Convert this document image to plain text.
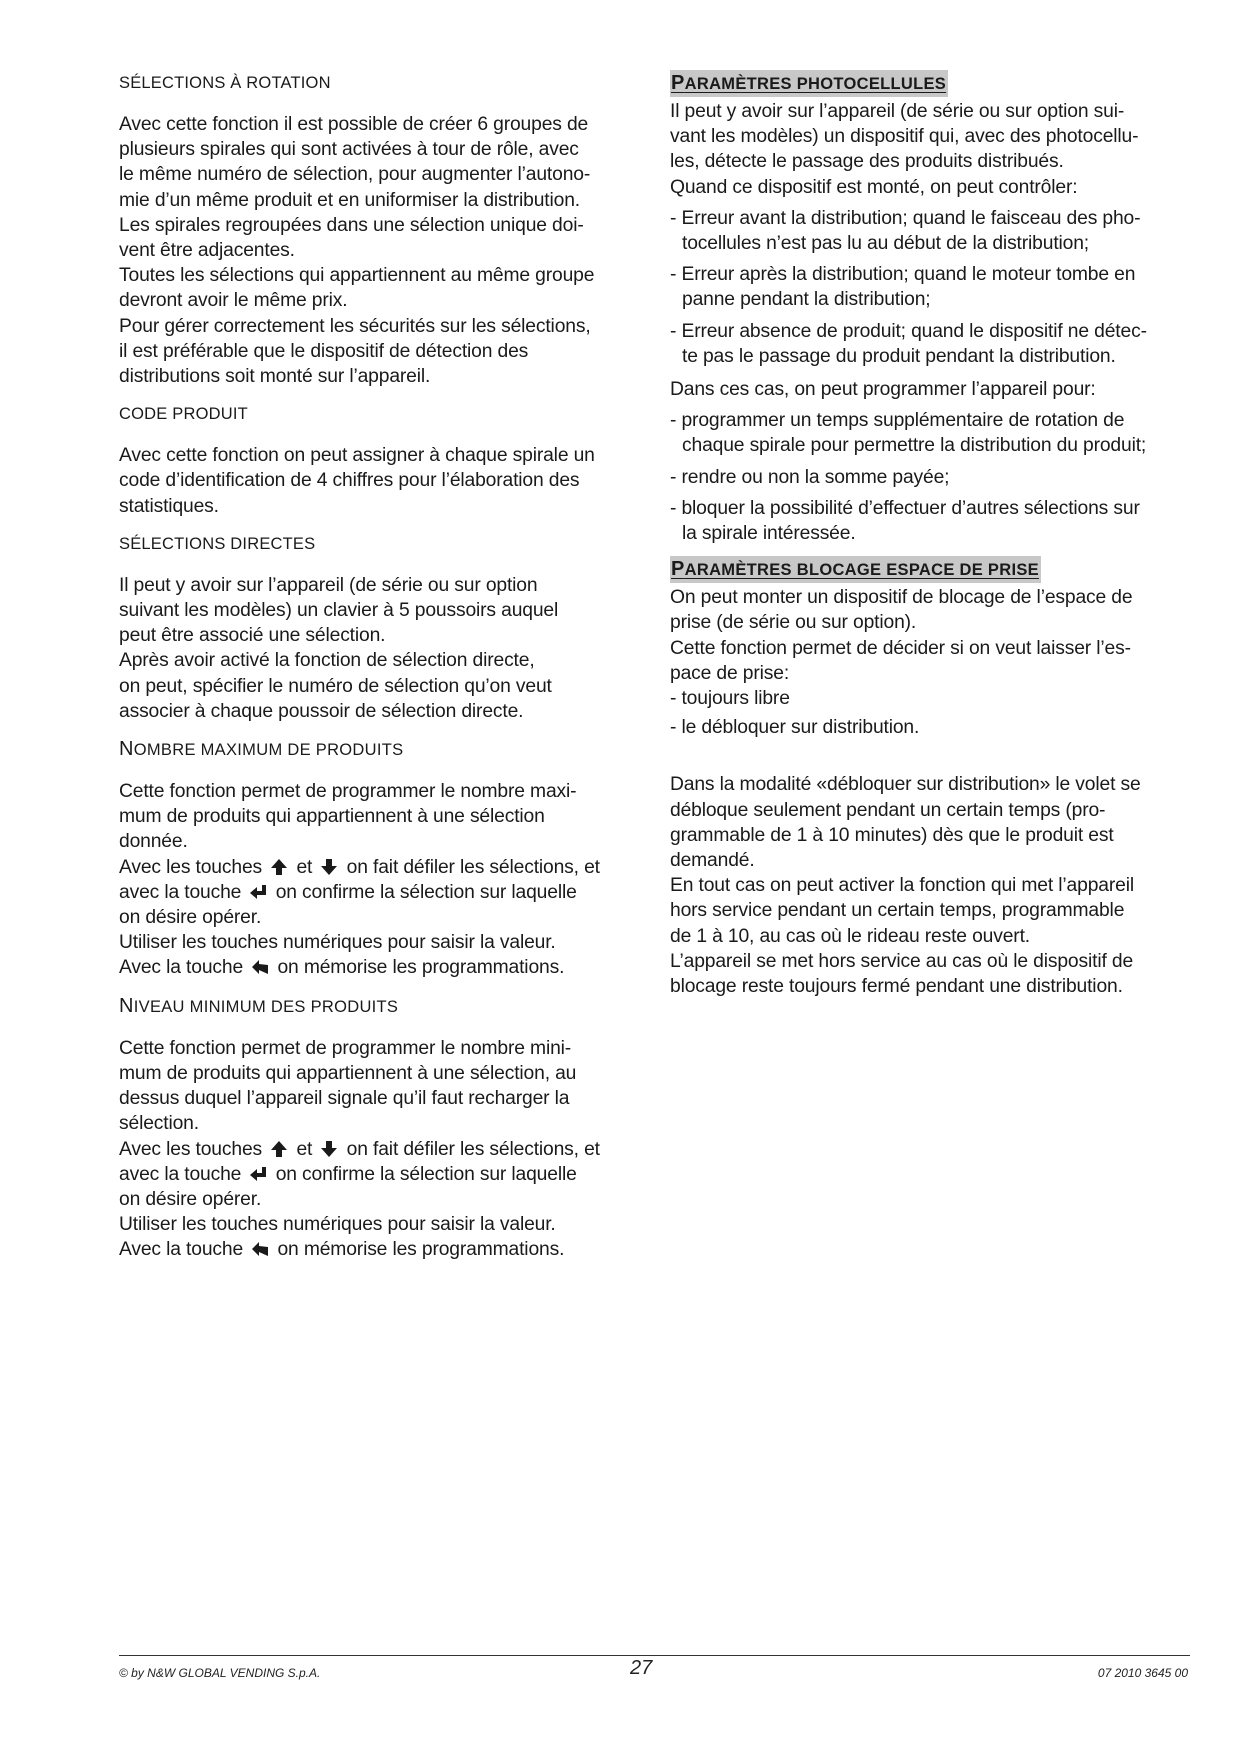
SÉLECTIONS À ROTATION

Avec cette fonction il est possible de créer 6 groupes de
plusieurs spirales qui sont activées à tour de rôle, avec
le même numéro de sélection, pour augmenter l’autono-
mie d’un même produit et en uniformiser la distribution.
Les spirales regroupées dans une sélection unique doi-
vent être adjacentes.
Toutes les sélections qui appartiennent au même groupe
devront avoir le même prix.
Pour gérer correctement les sécurités sur les sélections,
il est préférable que le dispositif de détection des
distributions soit monté sur l’appareil.

CODE PRODUIT

Avec cette fonction on peut assigner à chaque spirale un
code d’identification de 4 chiffres pour l’élaboration des
statistiques.

SÉLECTIONS DIRECTES

Il peut y avoir sur l’appareil (de série ou sur option
suivant les modèles) un clavier à 5 poussoirs auquel
peut être associé une sélection.
Après avoir activé la fonction de sélection directe,
on peut, spécifier le numéro de sélection qu’on veut
associer à chaque poussoir de sélection directe.

NOMBRE MAXIMUM DE PRODUITS

Cette fonction permet de programmer le nombre maxi-
mum de produits qui appartiennent à une sélection
donnée.
Avec les touches et on fait défiler les sélections, et
avec la touche on confirme la sélection sur laquelle
on désire opérer.
Utiliser les touches numériques pour saisir la valeur.
Avec la touche on mémorise les programmations.

NIVEAU MINIMUM DES PRODUITS

Cette fonction permet de programmer le nombre mini-
mum de produits qui appartiennent à une sélection, au
dessus duquel l’appareil signale qu’il faut recharger la
sélection.
Avec les touches et on fait défiler les sélections, et
avec la touche on confirme la sélection sur laquelle
on désire opérer.
Utiliser les touches numériques pour saisir la valeur.
Avec la touche on mémorise les programmations.

PARAMÈTRES PHOTOCELLULES

Il peut y avoir sur l’appareil (de série ou sur option sui-
vant les modèles) un dispositif qui, avec des photocellu-
les, détecte le passage des produits distribués.
Quand ce dispositif est monté, on peut contrôler:

- Erreur avant la distribution; quand le faisceau des pho-
tocellules n’est pas lu au début de la distribution;
- Erreur après la distribution; quand le moteur tombe en
panne pendant la distribution;
- Erreur absence de produit; quand le dispositif ne détec-
te pas le passage du produit pendant la distribution.

Dans ces cas, on peut programmer l’appareil pour:

- programmer un temps supplémentaire de rotation de
chaque spirale pour permettre la distribution du produit;
- rendre ou non la somme payée;
- bloquer la possibilité d’effectuer d’autres sélections sur
la spirale intéressée.
PARAMÈTRES BLOCAGE ESPACE DE PRISE

On peut monter un dispositif de blocage de l’espace de
prise (de série ou sur option).
Cette fonction permet de décider si on veut laisser l’es-
pace de prise:

- toujours libre
- le débloquer sur distribution.

Dans la modalité «débloquer sur distribution» le volet se
débloque seulement pendant un certain temps (pro-
grammable de 1 à 10 minutes) dès que le produit est
demandé.
En tout cas on peut activer la fonction qui met l’appareil
hors service pendant un certain temps, programmable
de 1 à 10, au cas où le rideau reste ouvert.
L’appareil se met hors service au cas où le dispositif de
blocage reste toujours fermé pendant une distribution.

© by N&W GLOBAL VENDING S.p.A.	27	07 2010 3645 00
